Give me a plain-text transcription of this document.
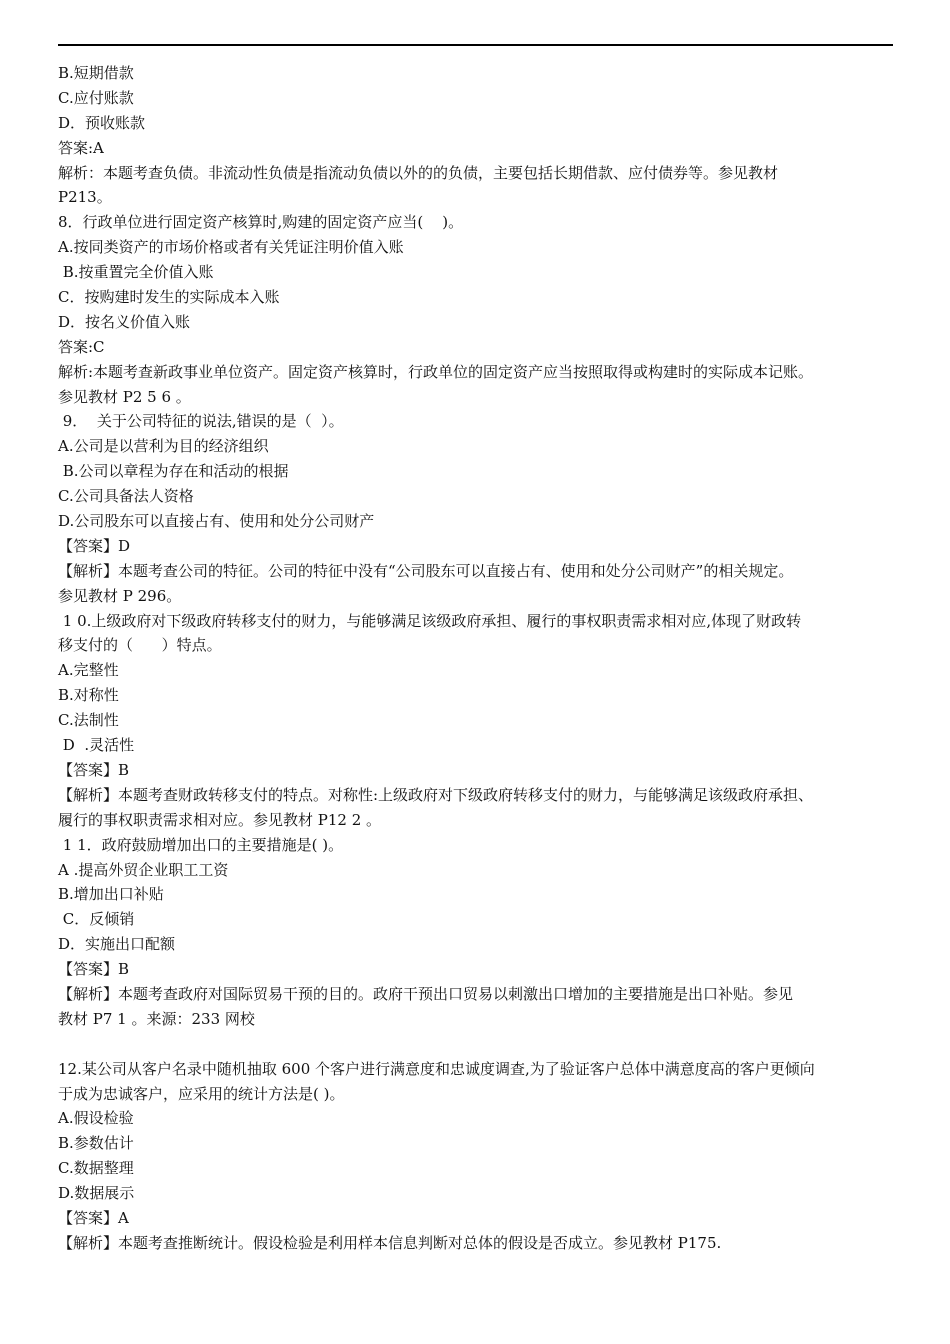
B.短期借款
C.应付账款
D．预收账款
答案:A
解析：本题考查负债。非流动性负债是指流动负债以外的的负债，主要包括长期借款、应付债券等。参见教材
P213。
8．行政单位进行固定资产核算时,购建的固定资产应当(    )。
A.按同类资产的市场价格或者有关凭证注明价值入账
B.按重置完全价值入账
C．按购建时发生的实际成本入账
D．按名义价值入账
答案:C
解析:本题考查新政事业单位资产。固定资产核算时，行政单位的固定资产应当按照取得或构建时的实际成本记账。
参见教材 P2 5 6 。
9．  关于公司特征的说法,错误的是（  ）。
A.公司是以营利为目的经济组织
B.公司以章程为存在和活动的根据
C.公司具备法人资格
D.公司股东可以直接占有、使用和处分公司财产
【答案】D
【解析】本题考查公司的特征。公司的特征中没有“公司股东可以直接占有、使用和处分公司财产”的相关规定。
参见教材 P 296。
1 0.上级政府对下级政府转移支付的财力，与能够满足该级政府承担、履行的事权职责需求相对应,体现了财政转
移支付的（      ）特点。
A.完整性
B.对称性
C.法制性
D  .灵活性
【答案】B
【解析】本题考查财政转移支付的特点。对称性:上级政府对下级政府转移支付的财力，与能够满足该级政府承担、
履行的事权职责需求相对应。参见教材 P12 2 。
1 1．政府鼓励增加出口的主要措施是( )。
A .提高外贸企业职工工资
B.增加出口补贴
C．反倾销
D．实施出口配额
【答案】B
【解析】本题考查政府对国际贸易干预的目的。政府干预出口贸易以刺激出口增加的主要措施是出口补贴。参见
教材 P7 1 。来源：233 网校
12.某公司从客户名录中随机抽取 600 个客户进行满意度和忠诚度调查,为了验证客户总体中满意度高的客户更倾向
于成为忠诚客户，应采用的统计方法是( )。
A.假设检验
B.参数估计
C.数据整理
D.数据展示
【答案】A
【解析】本题考查推断统计。假设检验是利用样本信息判断对总体的假设是否成立。参见教材 P175.
